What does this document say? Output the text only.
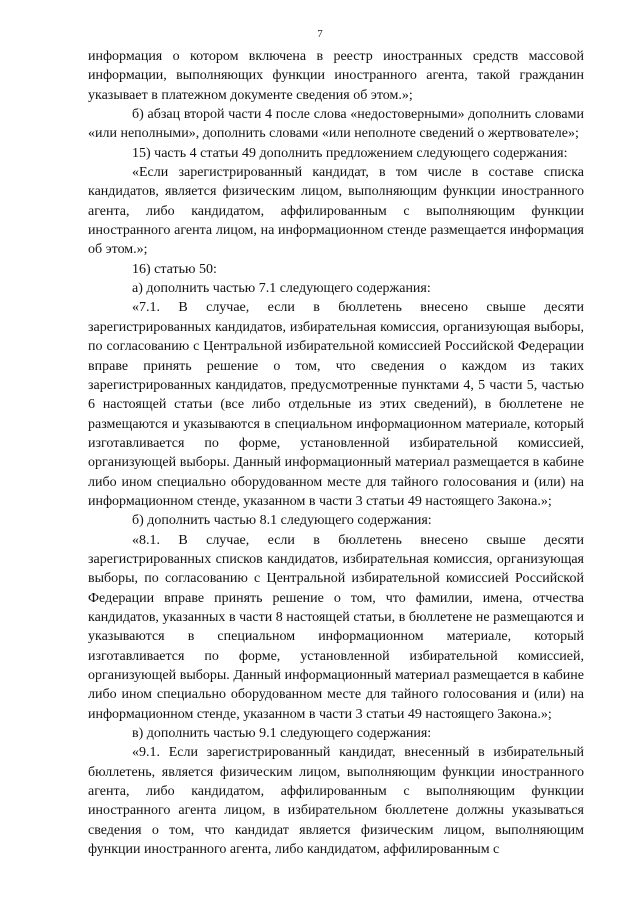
7

информация о котором включена в реестр иностранных средств массовой информации, выполняющих функции иностранного агента, такой гражданин указывает в платежном документе сведения об этом.»;

б) абзац второй части 4 после слова «недостоверными» дополнить словами «или неполными», дополнить словами «или неполноте сведений о жертвователе»;

15) часть 4 статьи 49 дополнить предложением следующего содержания:

«Если зарегистрированный кандидат, в том числе в составе списка кандидатов, является физическим лицом, выполняющим функции иностранного агента, либо кандидатом, аффилированным с выполняющим функции иностранного агента лицом, на информационном стенде размещается информация об этом.»;

16) статью 50:

а) дополнить частью 7.1 следующего содержания:

«7.1. В случае, если в бюллетень внесено свыше десяти зарегистрированных кандидатов, избирательная комиссия, организующая выборы, по согласованию с Центральной избирательной комиссией Российской Федерации вправе принять решение о том, что сведения о каждом из таких зарегистрированных кандидатов, предусмотренные пунктами 4, 5 части 5, частью 6 настоящей статьи (все либо отдельные из этих сведений), в бюллетене не размещаются и указываются в специальном информационном материале, который изготавливается по форме, установленной избирательной комиссией, организующей выборы. Данный информационный материал размещается в кабине либо ином специально оборудованном месте для тайного голосования и (или) на информационном стенде, указанном в части 3 статьи 49 настоящего Закона.»;

б) дополнить частью 8.1 следующего содержания:

«8.1. В случае, если в бюллетень внесено свыше десяти зарегистрированных списков кандидатов, избирательная комиссия, организующая выборы, по согласованию с Центральной избирательной комиссией Российской Федерации вправе принять решение о том, что фамилии, имена, отчества кандидатов, указанных в части 8 настоящей статьи, в бюллетене не размещаются и указываются в специальном информационном материале, который изготавливается по форме, установленной избирательной комиссией, организующей выборы. Данный информационный материал размещается в кабине либо ином специально оборудованном месте для тайного голосования и (или) на информационном стенде, указанном в части 3 статьи 49 настоящего Закона.»;

в) дополнить частью 9.1 следующего содержания:

«9.1. Если зарегистрированный кандидат, внесенный в избирательный бюллетень, является физическим лицом, выполняющим функции иностранного агента, либо кандидатом, аффилированным с выполняющим функции иностранного агента лицом, в избирательном бюллетене должны указываться сведения о том, что кандидат является физическим лицом, выполняющим функции иностранного агента, либо кандидатом, аффилированным с
